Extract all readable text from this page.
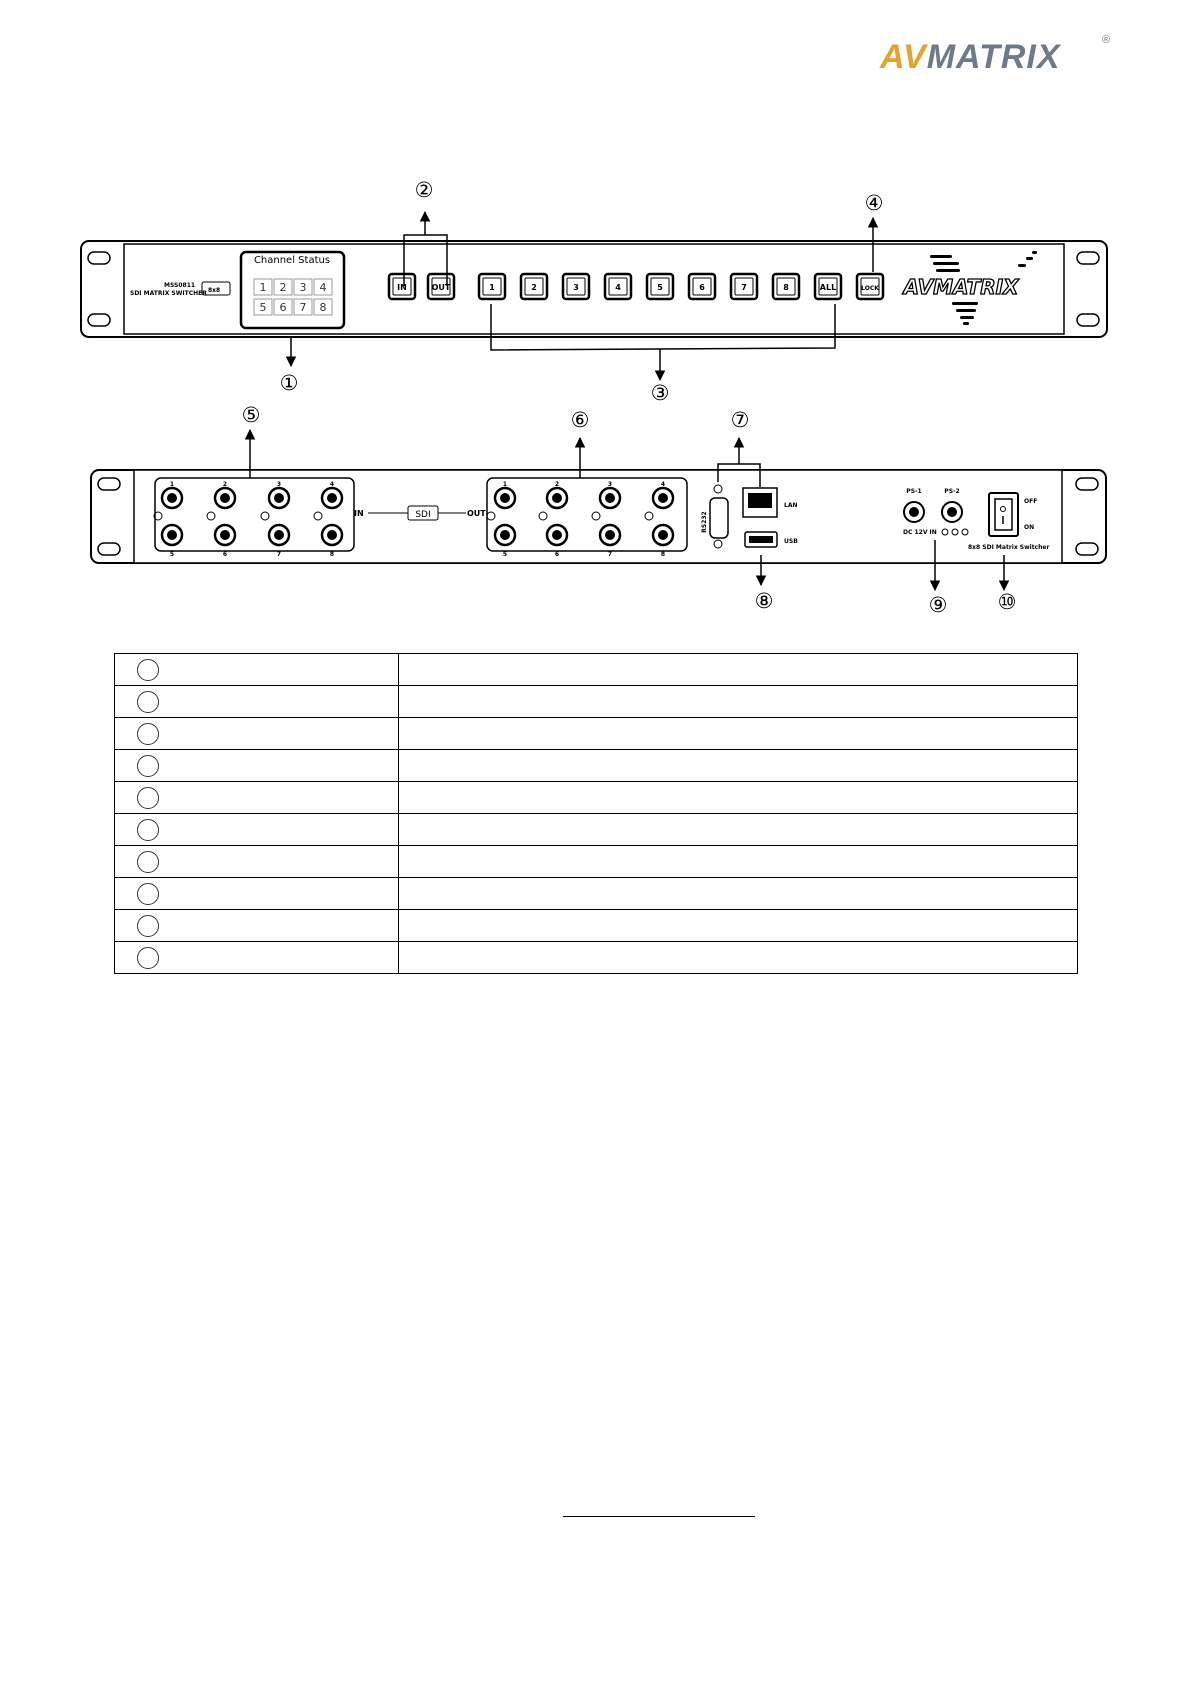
AVMATRIX	®
MSS0811
SDI MATRIX SWITCHER 8x8
Channel Status
1 2 3 4
5 6 7 8
IN	OUT	1	2	3	4	5	6	7	8	ALL	LOCK AVMATRIX
1	2	3	4
5	6	7	8
1	2	3	4
5	6	7	8
IN	SDI	OUT	RS232
LAN
USB
PS-1	PS-2
DC 12V IN
OFF
ON
8x8 SDI Matrix Switcher
②
④
①	③
⑤	⑥	⑦
⑧	⑨ ⑩
1	
2	
3	
4	
5	
6	
7	
8	
9	
10	
